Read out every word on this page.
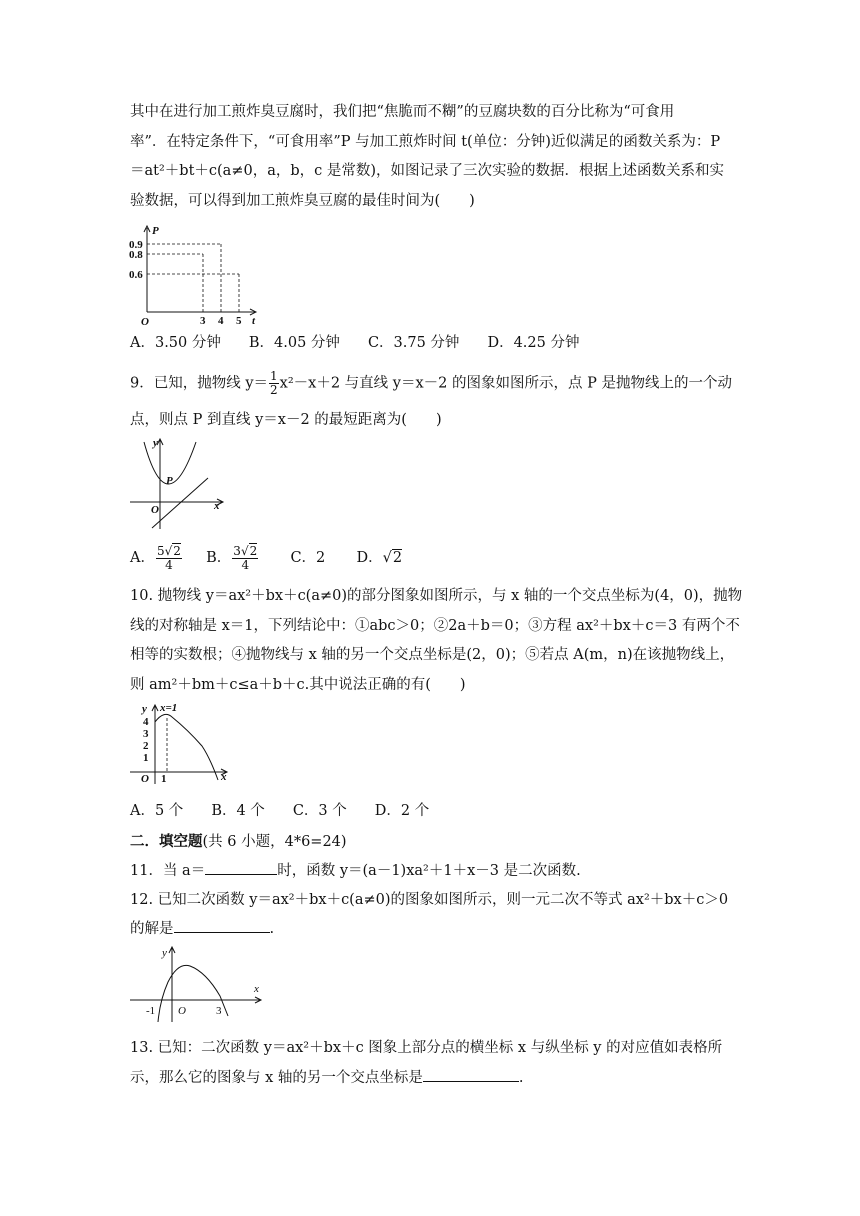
其中在进行加工煎炸臭豆腐时，我们把“焦脆而不糊”的豆腐块数的百分比称为“可食用
率”．在特定条件下，“可食用率”P 与加工煎炸时间 t(单位：分钟)近似满足的函数关系为：P
＝at²＋bt＋c(a≠0，a，b，c 是常数)，如图记录了三次实验的数据．根据上述函数关系和实
验数据，可以得到加工煎炸臭豆腐的最佳时间为(　　)
P
0.9
0.8
0.6
O	3 4 5 t
A．3.50 分钟 B．4.05 分钟 C．3.75 分钟 D．4.25 分钟
9．已知，抛物线 $y= \frac{1}{2} x^2-x+2$ 与直线 y＝x－2 的图象如图所示，点 P 是抛物线上的一个动
点，则点 P 到直线 y＝x－2 的最短距离为(　　)
y
P
O	x
A． $\frac{5√2}{4}$ B． $\frac{3√2}{4}$ C．2 D．√2
10. 抛物线 y＝ax²＋bx＋c(a≠0)的部分图象如图所示，与 x 轴的一个交点坐标为(4，0)，抛物
线的对称轴是 x＝1，下列结论中：①abc＞0；②2a＋b＝0；③方程 ax²＋bx＋c＝3 有两个不
相等的实数根；④抛物线与 x 轴的另一个交点坐标是(2，0)；⑤若点 A(m，n)在该抛物线上，
则 am²＋bm＋c≤a＋b＋c.其中说法正确的有(　　)
y x=1
4
3
2
1
O 1	x
A．5 个 B．4 个 C．3 个 D．2 个
二．填空题(共 6 小题，4*6=24)
11．当 a＝	时，函数 y＝(a－1)xa²＋1＋x－3 是二次函数.
12. 已知二次函数 y＝ax²＋bx＋c(a≠0)的图象如图所示，则一元二次不等式 ax²＋bx＋c＞0
的解是	.
y
-1 O	3
x
13. 已知：二次函数 y＝ax²＋bx＋c 图象上部分点的横坐标 x 与纵坐标 y 的对应值如表格所
示，那么它的图象与 x 轴的另一个交点坐标是	.
